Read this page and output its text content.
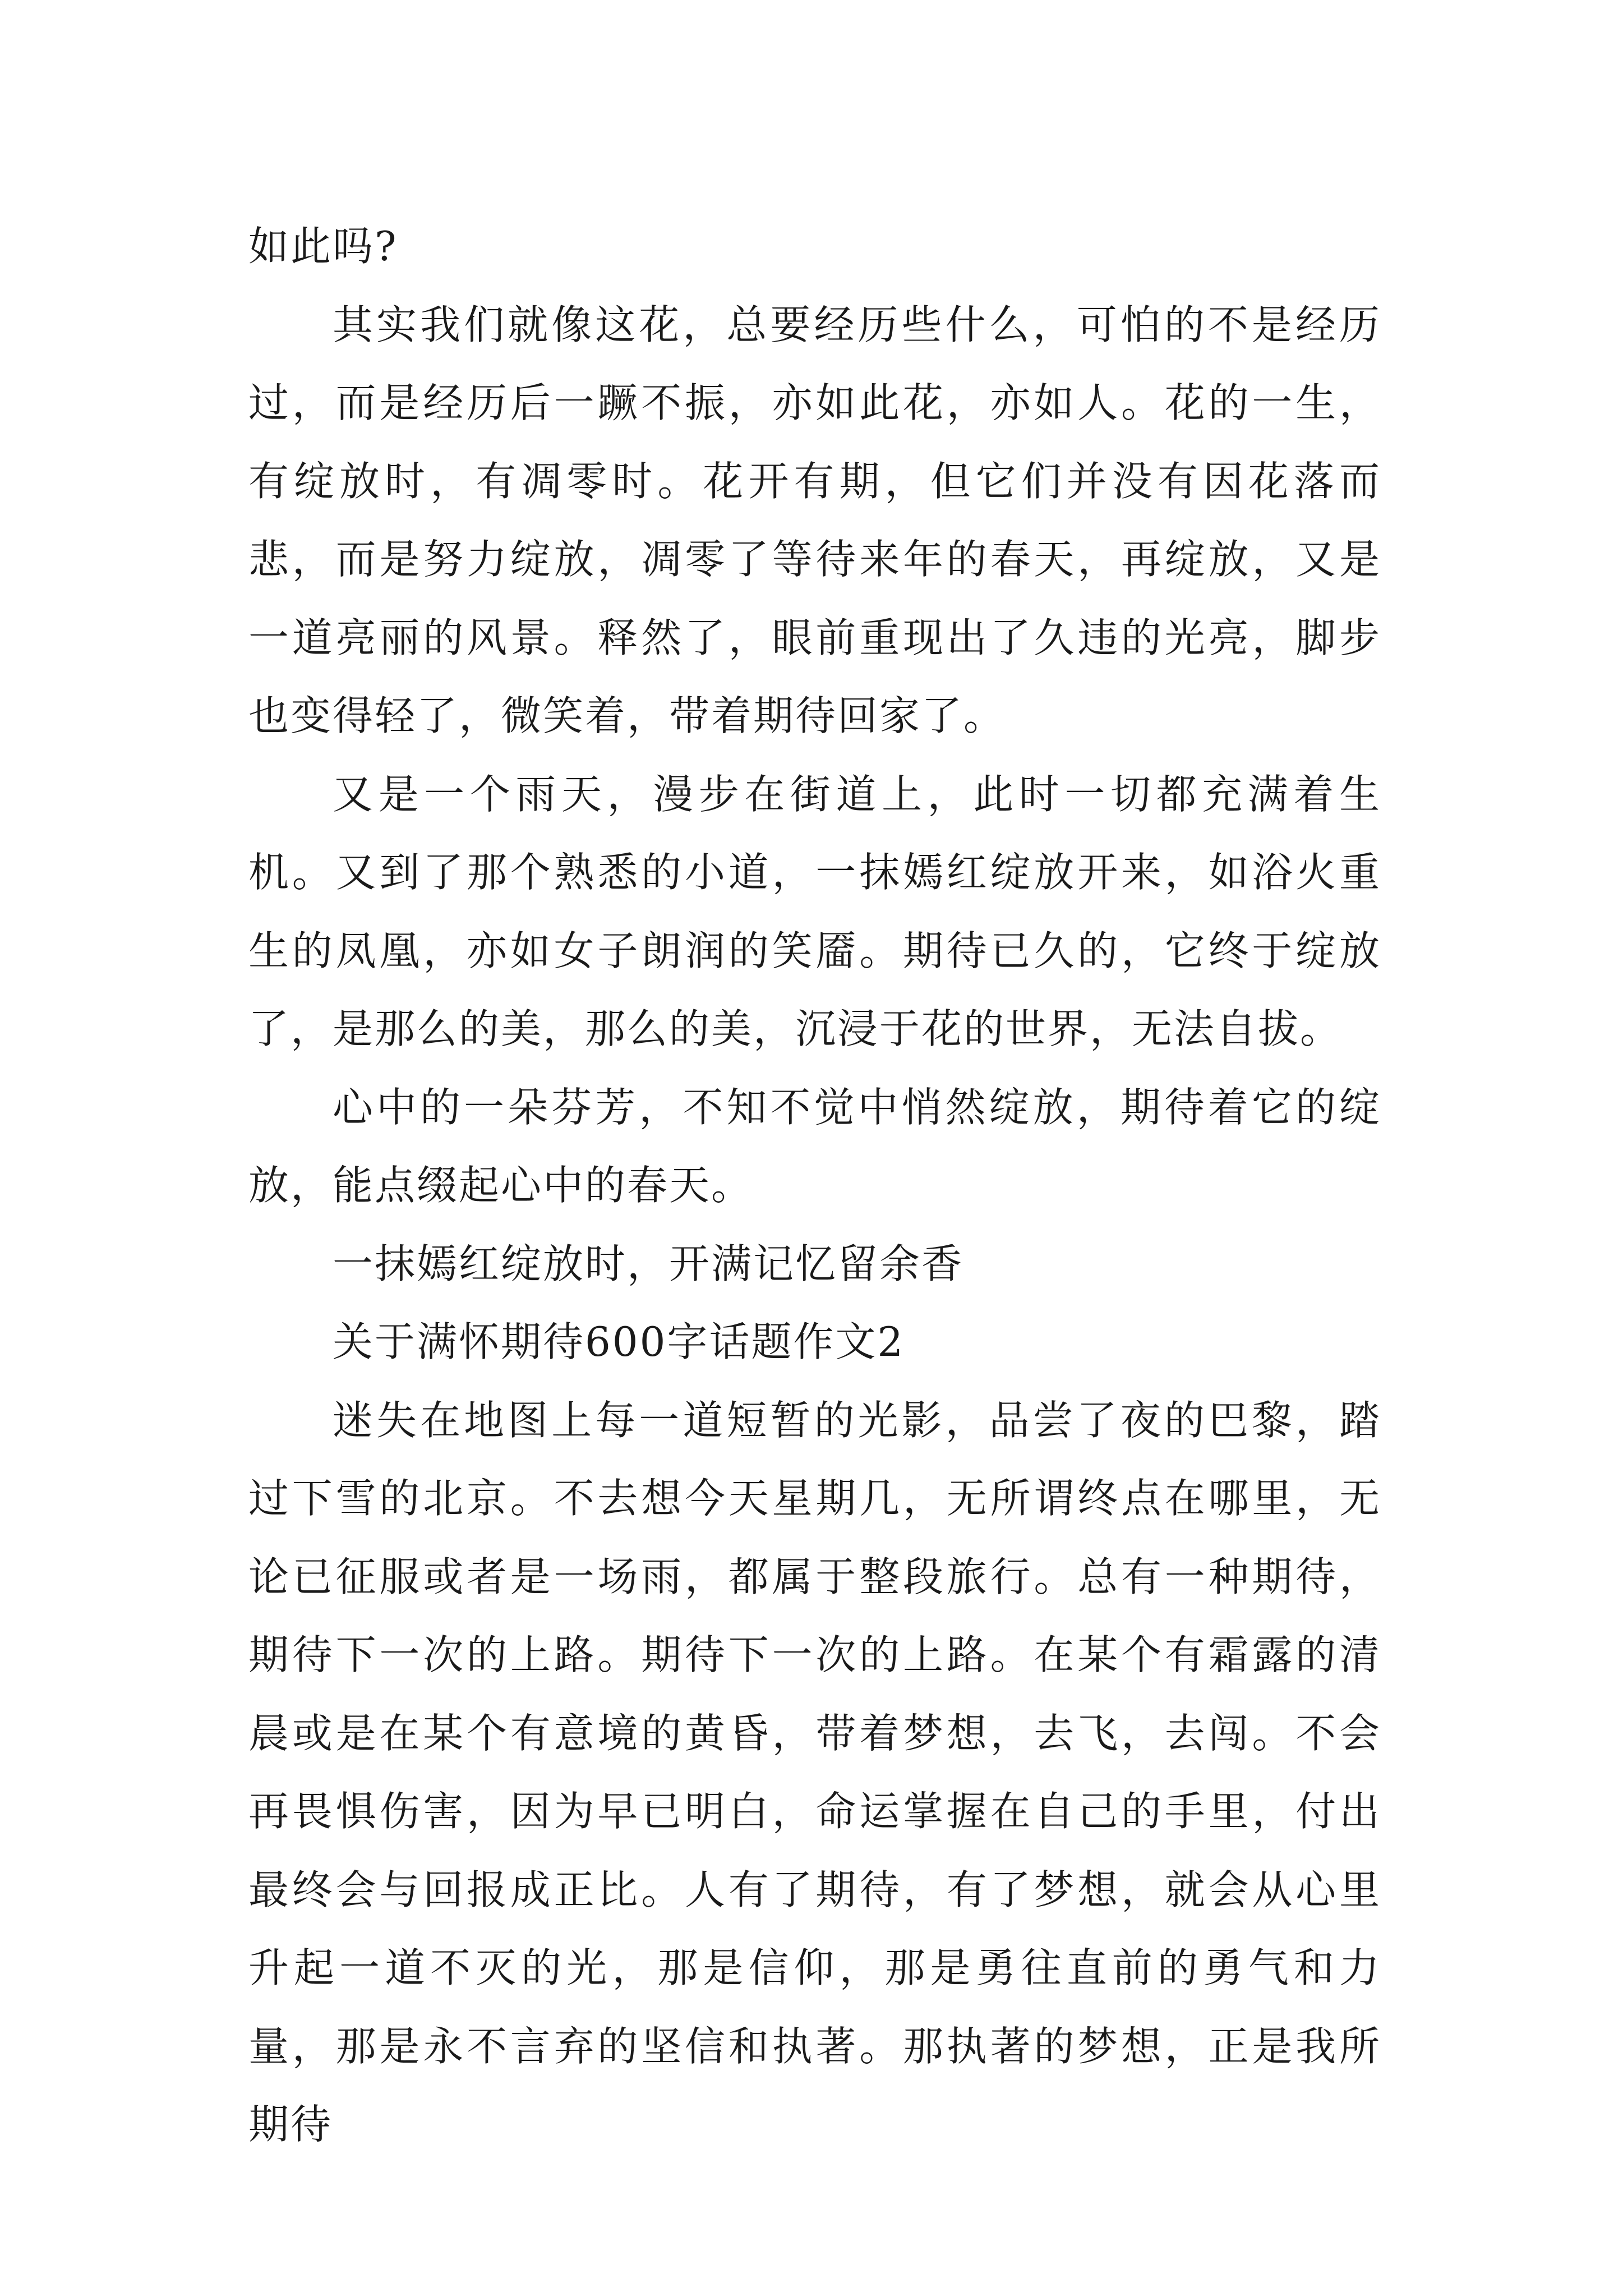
如此吗?

其实我们就像这花，总要经历些什么，可怕的不是经历过，而是经历后一蹶不振，亦如此花，亦如人。花的一生，有绽放时，有凋零时。花开有期，但它们并没有因花落而悲，而是努力绽放，凋零了等待来年的春天，再绽放，又是一道亮丽的风景。释然了，眼前重现出了久违的光亮，脚步也变得轻了，微笑着，带着期待回家了。

又是一个雨天，漫步在街道上，此时一切都充满着生机。又到了那个熟悉的小道，一抹嫣红绽放开来，如浴火重生的凤凰，亦如女子朗润的笑靥。期待已久的，它终于绽放了，是那么的美，那么的美，沉浸于花的世界，无法自拔。

心中的一朵芬芳，不知不觉中悄然绽放，期待着它的绽放，能点缀起心中的春天。

一抹嫣红绽放时，开满记忆留余香

关于满怀期待600字话题作文2

迷失在地图上每一道短暂的光影，品尝了夜的巴黎，踏过下雪的北京。不去想今天星期几，无所谓终点在哪里，无论已征服或者是一场雨，都属于整段旅行。总有一种期待，期待下一次的上路。期待下一次的上路。在某个有霜露的清晨或是在某个有意境的黄昏，带着梦想，去飞，去闯。不会再畏惧伤害，因为早已明白，命运掌握在自己的手里，付出最终会与回报成正比。人有了期待，有了梦想，就会从心里升起一道不灭的光，那是信仰，那是勇往直前的勇气和力量，那是永不言弃的坚信和执著。那执著的梦想，正是我所期待
